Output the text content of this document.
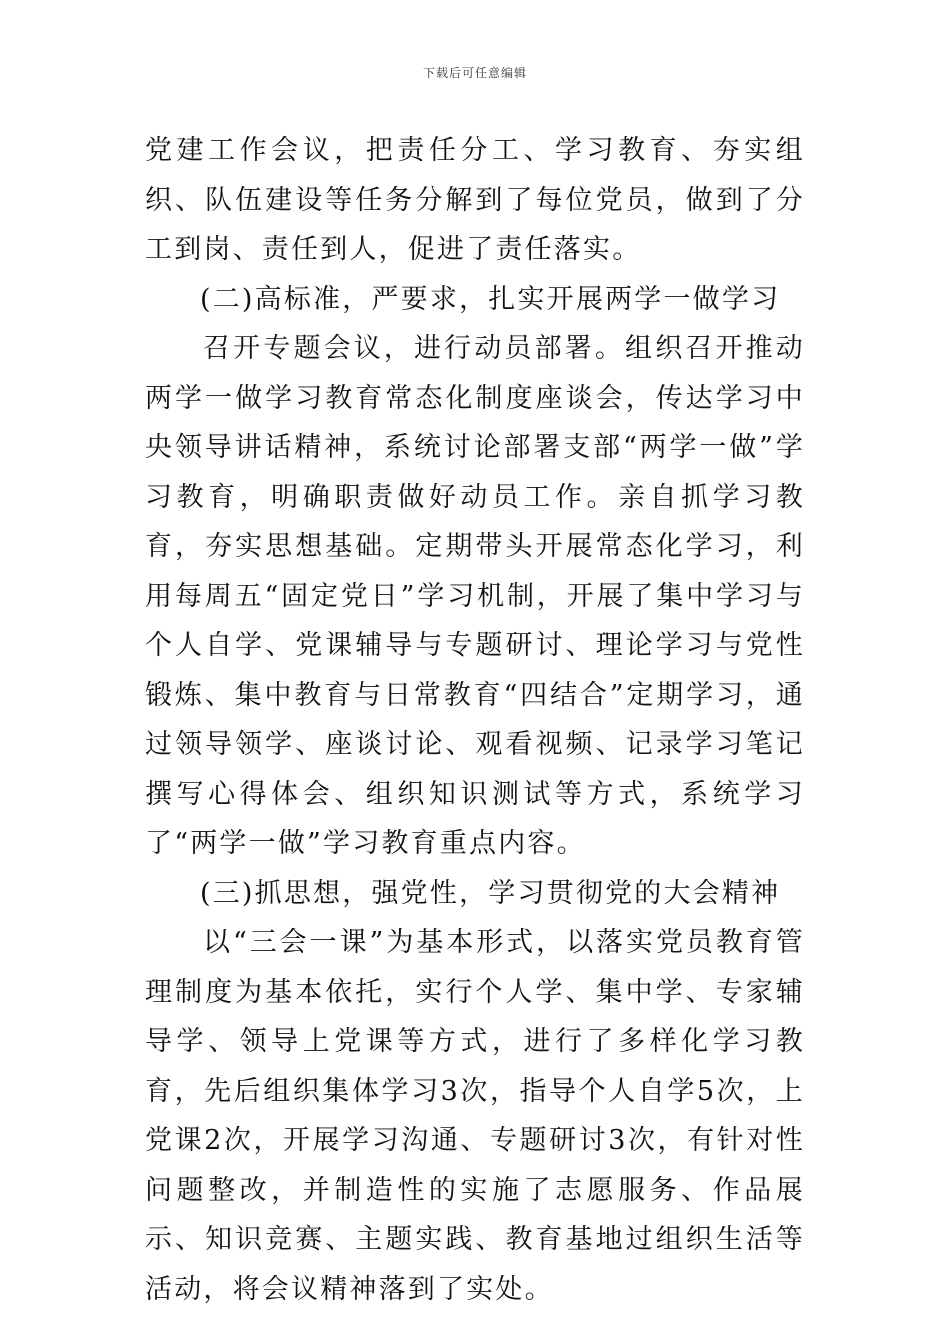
下载后可任意编辑

党建工作会议，把责任分工、学习教育、夯实组织、队伍建设等任务分解到了每位党员，做到了分工到岗、责任到人，促进了责任落实。

(二)高标准，严要求，扎实开展两学一做学习

召开专题会议，进行动员部署。组织召开推动两学一做学习教育常态化制度座谈会，传达学习中央领导讲话精神，系统讨论部署支部“两学一做”学习教育，明确职责做好动员工作。亲自抓学习教育，夯实思想基础。定期带头开展常态化学习，利用每周五“固定党日”学习机制，开展了集中学习与个人自学、党课辅导与专题研讨、理论学习与党性锻炼、集中教育与日常教育“四结合”定期学习，通过领导领学、座谈讨论、观看视频、记录学习笔记撰写心得体会、组织知识测试等方式，系统学习了“两学一做”学习教育重点内容。

(三)抓思想，强党性，学习贯彻党的大会精神

以“三会一课”为基本形式，以落实党员教育管理制度为基本依托，实行个人学、集中学、专家辅导学、领导上党课等方式，进行了多样化学习教育，先后组织集体学习3次，指导个人自学5次，上党课2次，开展学习沟通、专题研讨3次，有针对性问题整改，并制造性的实施了志愿服务、作品展示、知识竞赛、主题实践、教育基地过组织生活等活动，将会议精神落到了实处。
